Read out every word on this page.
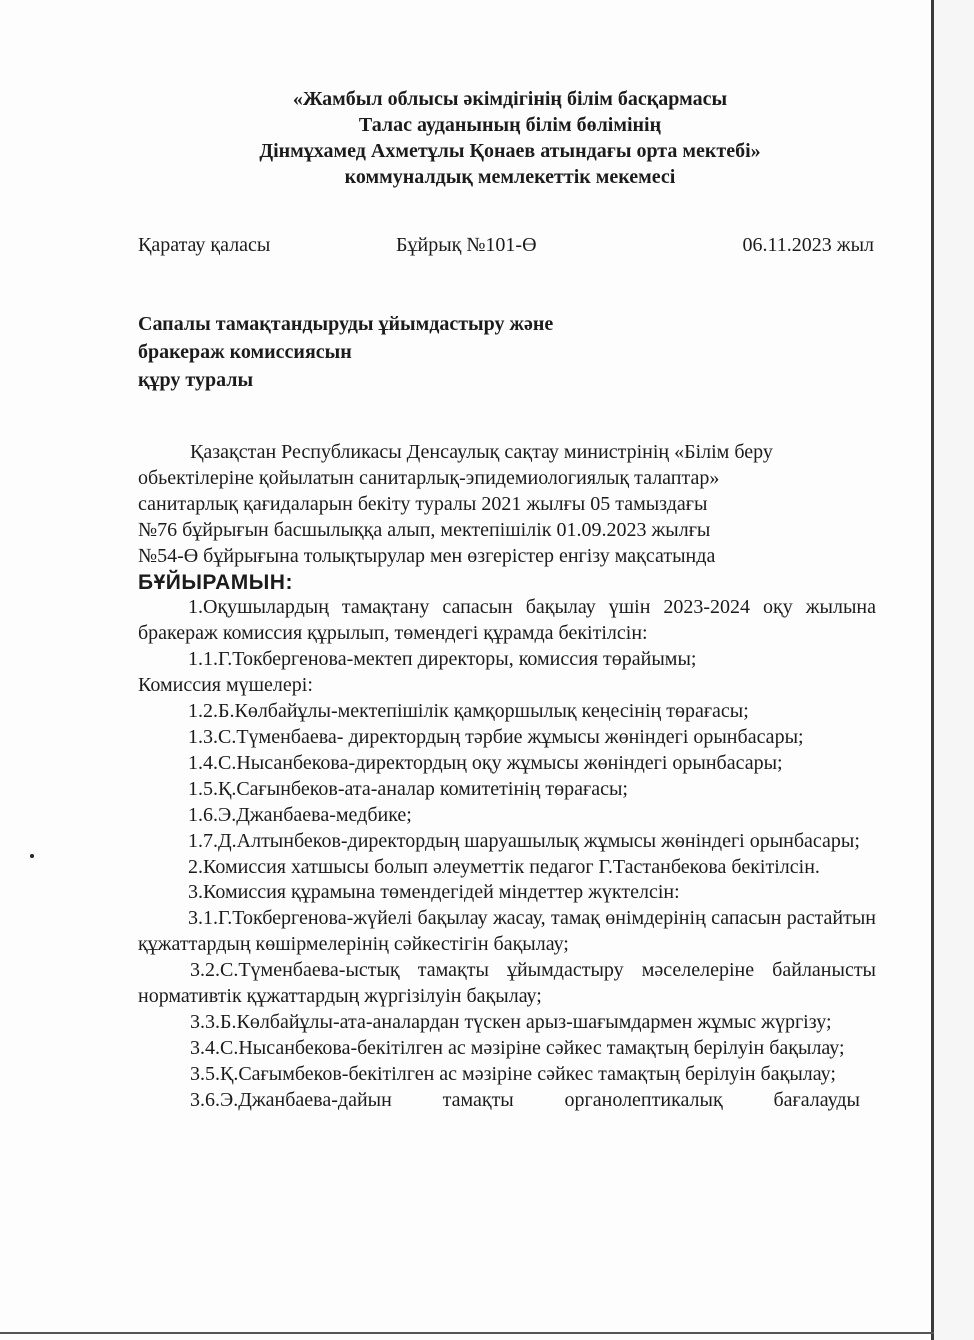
«Жамбыл облысы әкімдігінің білім басқармасы
Талас ауданының білім бөлімінің
Дінмұхамед Ахметұлы Қонаев атындағы орта мектебі»
коммуналдық мемлекеттік мекемесі
Қаратау қаласы	Бұйрық №101-Ө	06.11.2023 жыл
Сапалы тамақтандыруды ұйымдастыру және
бракераж комиссиясын
құру туралы

Қазақстан Республикасы Денсаулық сақтау министрінің «Білім беру

обьектілеріне қойылатын санитарлық-эпидемиологиялық талаптар»

санитарлық қағидаларын бекіту туралы 2021 жылғы 05 тамыздағы

№76 бұйрығын басшылыққа алып, мектепішілік 01.09.2023 жылғы

№54-Ө бұйрығына толықтырулар мен өзгерістер енгізу мақсатында

БҰЙЫРАМЫН:

1.Оқушылардың тамақтану сапасын бақылау үшін 2023-2024 оқу жылына бракераж комиссия құрылып, төмендегі құрамда бекітілсін:

1.1.Г.Токбергенова-мектеп директоры, комиссия төрайымы;

Комиссия мүшелері:

1.2.Б.Көлбайұлы-мектепішілік қамқоршылық кеңесінің төрағасы;

1.3.С.Түменбаева- директордың тәрбие жұмысы жөніндегі орынбасары;

1.4.С.Нысанбекова-директордың оқу жұмысы жөніндегі орынбасары;

1.5.Қ.Сағынбеков-ата-аналар комитетінің төрағасы;

1.6.Э.Джанбаева-медбике;

1.7.Д.Алтынбеков-директордың шаруашылық жұмысы жөніндегі орынбасары;

2.Комиссия хатшысы болып әлеуметтік педагог Г.Тастанбекова бекітілсін.

3.Комиссия құрамына төмендегідей міндеттер жүктелсін:

3.1.Г.Токбергенова-жүйелі бақылау жасау, тамақ өнімдерінің сапасын растайтын құжаттардың көшірмелерінің сәйкестігін бақылау;

3.2.С.Түменбаева-ыстық тамақты ұйымдастыру мәселелеріне байланысты нормативтік құжаттардың жүргізілуін бақылау;

3.3.Б.Көлбайұлы-ата-аналардан түскен арыз-шағымдармен жұмыс жүргізу;

3.4.С.Нысанбекова-бекітілген ас мәзіріне сәйкес тамақтың берілуін бақылау;

3.5.Қ.Сағымбеков-бекітілген ас мәзіріне сәйкес тамақтың берілуін бақылау;

3.6.Э.Джанбаева-дайын тамақты органолептикалық бағалауды
